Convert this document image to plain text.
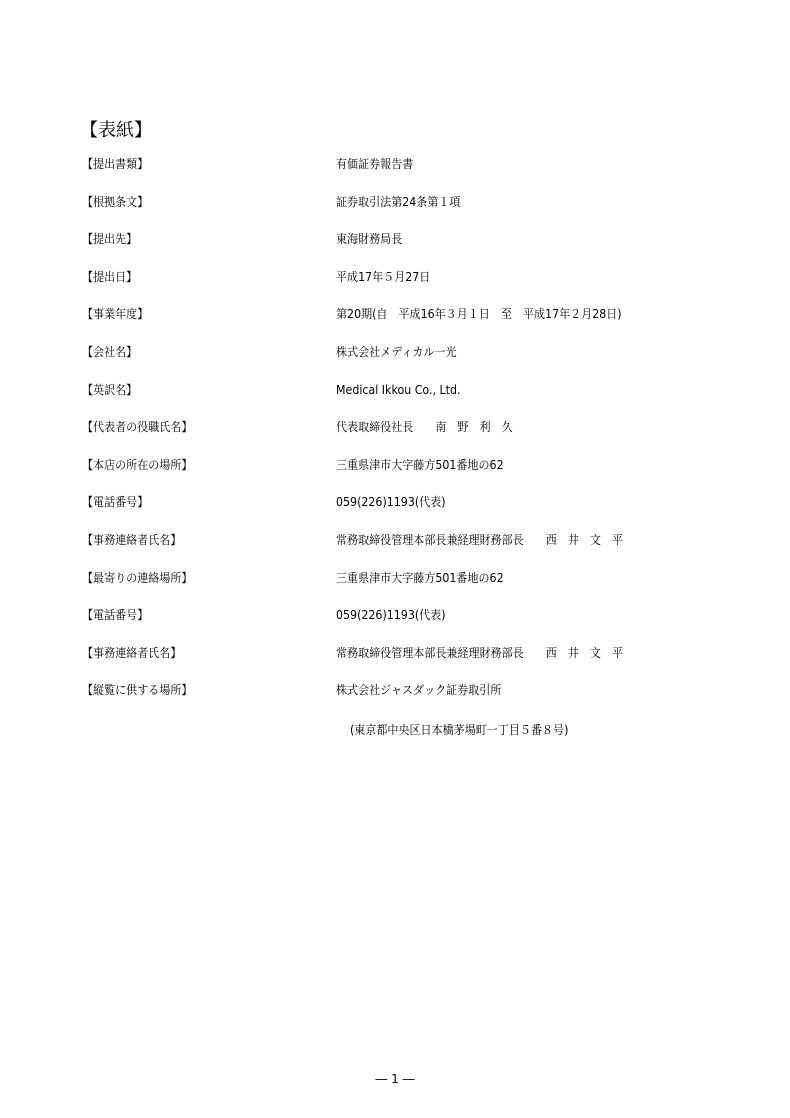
【表紙】
【提出書類】	有価証券報告書
【根拠条文】	証券取引法第24条第１項
【提出先】	東海財務局長
【提出日】	平成17年５月27日
【事業年度】	第20期(自　平成16年３月１日　至　平成17年２月28日)
【会社名】	株式会社メディカル一光
【英訳名】	Medical Ikkou Co., Ltd.
【代表者の役職氏名】	代表取締役社長　　南　野　利　久
【本店の所在の場所】	三重県津市大字藤方501番地の62
【電話番号】	059(226)1193(代表)
【事務連絡者氏名】	常務取締役管理本部長兼経理財務部長　　西　井　文　平
【最寄りの連絡場所】	三重県津市大字藤方501番地の62
【電話番号】	059(226)1193(代表)
【事務連絡者氏名】	常務取締役管理本部長兼経理財務部長　　西　井　文　平
【縦覧に供する場所】	株式会社ジャスダック証券取引所
(東京都中央区日本橋茅場町一丁目５番８号)
― 1 ―
